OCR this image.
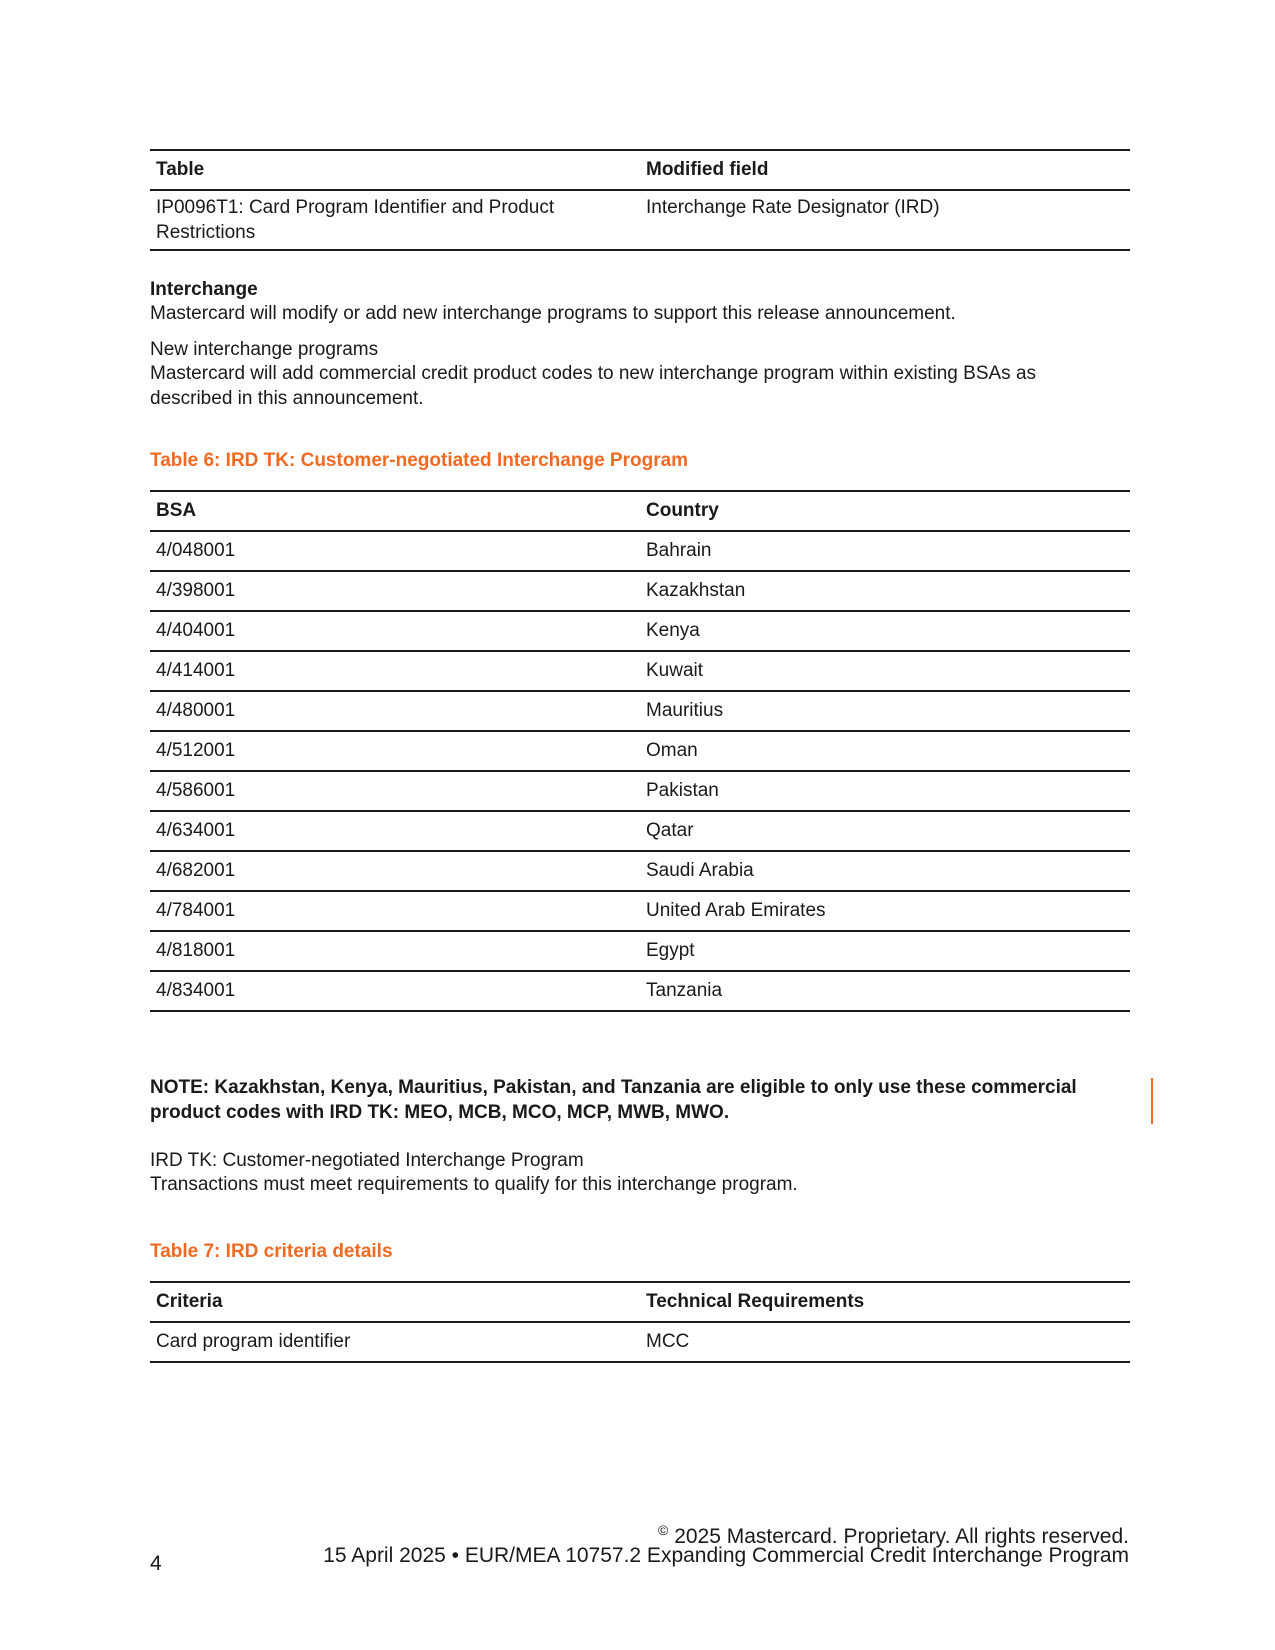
Table	Modified field
IP0096T1: Card Program Identifier and Product Restrictions	Interchange Rate Designator (IRD)
Interchange
Mastercard will modify or add new interchange programs to support this release announcement.
New interchange programs
Mastercard will add commercial credit product codes to new interchange program within existing BSAs as described in this announcement.
Table 6: IRD TK: Customer-negotiated Interchange Program
BSA	Country
4/048001	Bahrain
4/398001	Kazakhstan
4/404001	Kenya
4/414001	Kuwait
4/480001	Mauritius
4/512001	Oman
4/586001	Pakistan
4/634001	Qatar
4/682001	Saudi Arabia
4/784001	United Arab Emirates
4/818001	Egypt
4/834001	Tanzania
NOTE: Kazakhstan, Kenya, Mauritius, Pakistan, and Tanzania are eligible to only use these commercial product codes with IRD TK: MEO, MCB, MCO, MCP, MWB, MWO.
IRD TK: Customer-negotiated Interchange Program
Transactions must meet requirements to qualify for this interchange program.
Table 7: IRD criteria details
Criteria	Technical Requirements
Card program identifier	MCC
© 2025 Mastercard. Proprietary. All rights reserved.
15 April 2025 • EUR/MEA 10757.2 Expanding Commercial Credit Interchange Program
4
